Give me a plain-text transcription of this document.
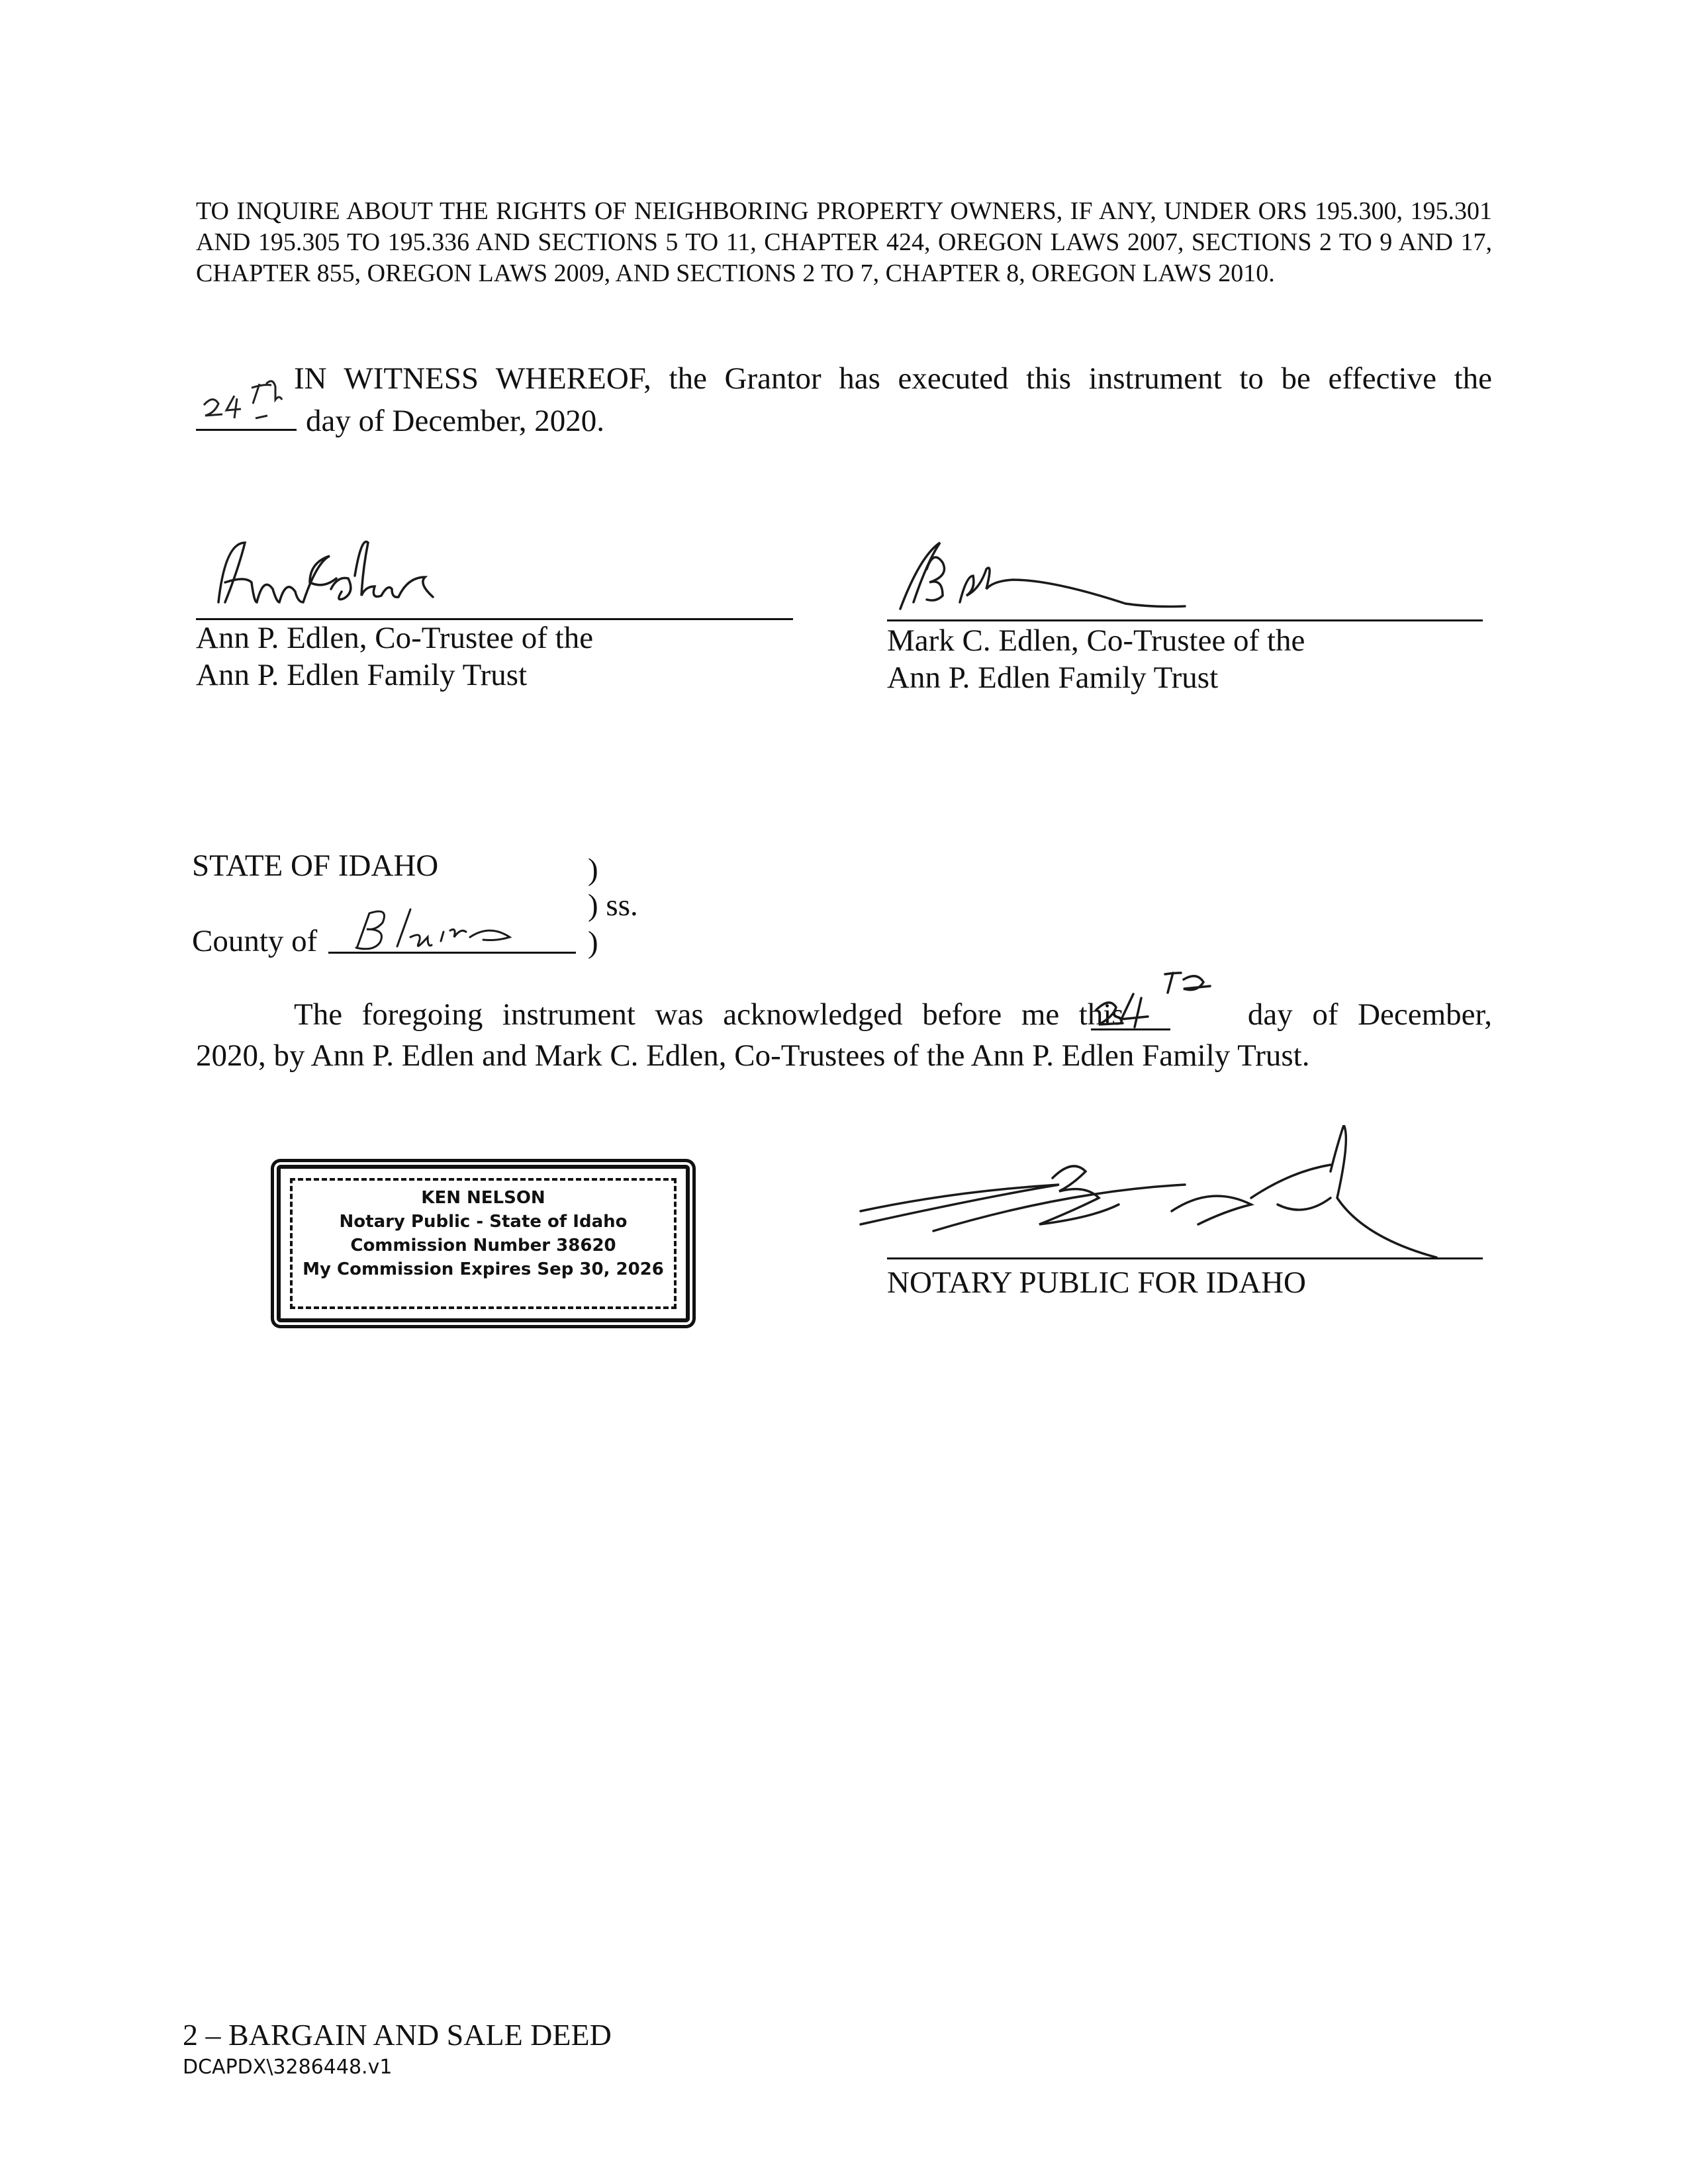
TO INQUIRE ABOUT THE RIGHTS OF NEIGHBORING PROPERTY OWNERS, IF ANY, UNDER ORS 195.300, 195.301 AND 195.305 TO 195.336 AND SECTIONS 5 TO 11, CHAPTER 424, OREGON LAWS 2007, SECTIONS 2 TO 9 AND 17, CHAPTER 855, OREGON LAWS 2009, AND SECTIONS 2 TO 7, CHAPTER 8, OREGON LAWS 2010.
IN WITNESS WHEREOF, the Grantor has executed this instrument to be effective the
day of December, 2020.
Ann P. Edlen, Co-Trustee of the
Ann P. Edlen Family Trust
Mark C. Edlen, Co-Trustee of the
Ann P. Edlen Family Trust
STATE OF IDAHO
County of
)
) ss.
)
The foregoing instrument was acknowledged before me this	day of December,
2020, by Ann P. Edlen and Mark C. Edlen, Co-Trustees of the Ann P. Edlen Family Trust.
KEN NELSON
Notary Public - State of Idaho
Commission Number 38620
My Commission Expires Sep 30, 2026	NOTARY PUBLIC FOR IDAHO
2 – BARGAIN AND SALE DEED
DCAPDX\3286448.v1
